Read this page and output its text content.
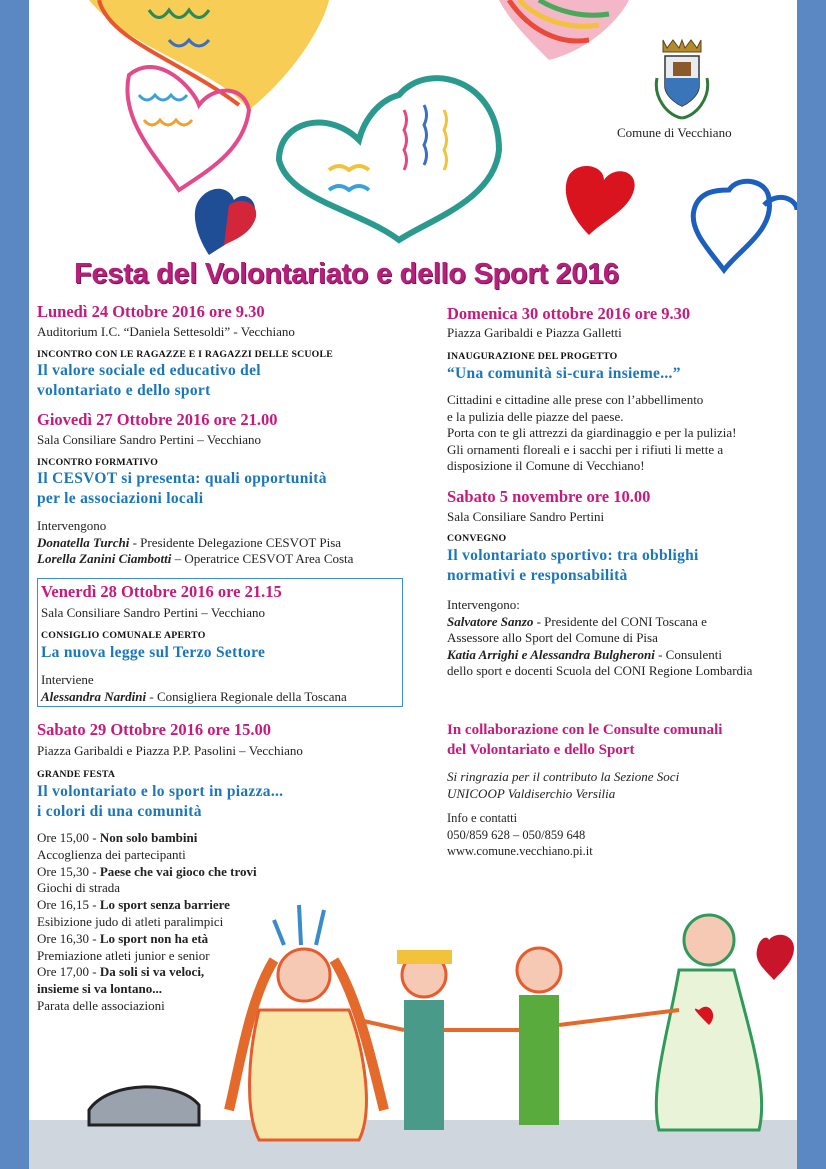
Comune di Vecchiano
Festa del Volontariato e dello Sport 2016
Lunedì 24 Ottobre 2016 ore 9.30
Auditorium I.C. “Daniela Settesoldi” - Vecchiano
INCONTRO CON LE RAGAZZE E I RAGAZZI DELLE SCUOLE
Il valore sociale ed educativo del
volontariato e dello sport
Giovedì 27 Ottobre 2016 ore 21.00
Sala Consiliare Sandro Pertini – Vecchiano
INCONTRO FORMATIVO
Il CESVOT si presenta: quali opportunità
per le associazioni locali
Intervengono
Donatella Turchi - Presidente Delegazione CESVOT Pisa
Lorella Zanini Ciambotti – Operatrice CESVOT Area Costa
Venerdì 28 Ottobre 2016 ore 21.15
Sala Consiliare Sandro Pertini – Vecchiano
CONSIGLIO COMUNALE APERTO
La nuova legge sul Terzo Settore
Interviene
Alessandra Nardini - Consigliera Regionale della Toscana
Sabato 29 Ottobre 2016 ore 15.00
Piazza Garibaldi e Piazza P.P. Pasolini – Vecchiano
GRANDE FESTA
Il volontariato e lo sport in piazza...
i colori di una comunità
Ore 15,00 - Non solo bambini
Accoglienza dei partecipanti
Ore 15,30 - Paese che vai gioco che trovi
Giochi di strada
Ore 16,15 - Lo sport senza barriere
Esibizione judo di atleti paralimpici
Ore 16,30 - Lo sport non ha età
Premiazione atleti junior e senior
Ore 17,00 - Da soli si va veloci,
insieme si va lontano...
Parata delle associazioni
Domenica 30 ottobre 2016 ore 9.30
Piazza Garibaldi e Piazza Galletti
INAUGURAZIONE DEL PROGETTO
“Una comunità si-cura insieme...”
Cittadini e cittadine alle prese con l’abbellimento
e la pulizia delle piazze del paese.
Porta con te gli attrezzi da giardinaggio e per la pulizia!
Gli ornamenti floreali e i sacchi per i rifiuti li mette a
disposizione il Comune di Vecchiano!
Sabato 5 novembre ore 10.00
Sala Consiliare Sandro Pertini
CONVEGNO
Il volontariato sportivo: tra obblighi
normativi e responsabilità
Intervengono:
Salvatore Sanzo - Presidente del CONI Toscana e
Assessore allo Sport del Comune di Pisa
Katia Arrighi e Alessandra Bulgheroni - Consulenti
dello sport e docenti Scuola del CONI Regione Lombardia
In collaborazione con le Consulte comunali
del Volontariato e dello Sport
Si ringrazia per il contributo la Sezione Soci
UNICOOP Valdiserchio Versilia
Info e contatti
050/859 628 – 050/859 648
www.comune.vecchiano.pi.it
